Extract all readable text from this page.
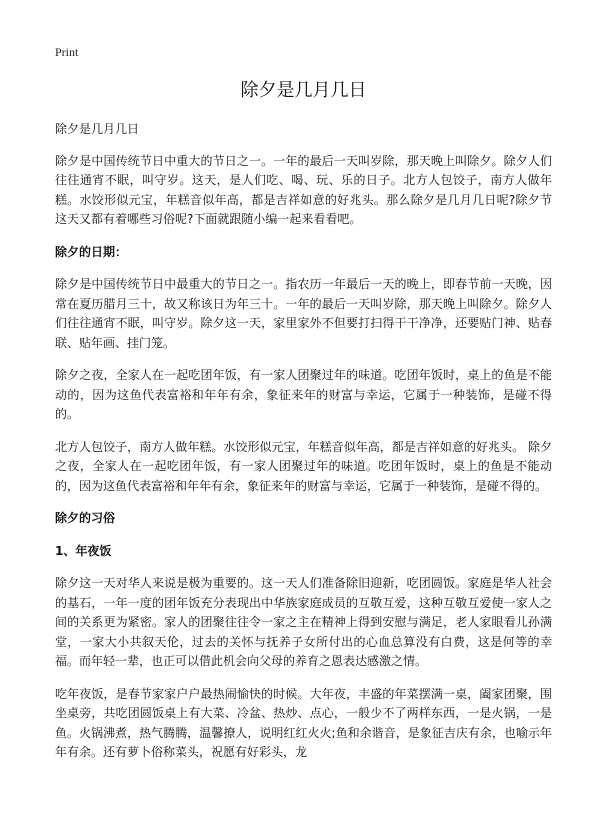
Print
除夕是几月几日

除夕是几月几日

除夕是中国传统节日中重大的节日之一。一年的最后一天叫岁除，那天晚上叫除夕。除夕人们往往通宵不眠，叫守岁。这天，是人们吃、喝、玩、乐的日子。北方人包饺子，南方人做年糕。水饺形似元宝，年糕音似年高，都是吉祥如意的好兆头。那么除夕是几月几日呢?除夕节这天又都有着哪些习俗呢?下面就跟随小编一起来看看吧。

除夕的日期：

除夕是中国传统节日中最重大的节日之一。指农历一年最后一天的晚上，即春节前一天晚，因常在夏历腊月三十，故又称该日为年三十。一年的最后一天叫岁除，那天晚上叫除夕。除夕人们往往通宵不眠，叫守岁。除夕这一天，家里家外不但要打扫得干干净净，还要贴门神、贴春联、贴年画、挂门笼。

除夕之夜，全家人在一起吃团年饭，有一家人团聚过年的味道。吃团年饭时，桌上的鱼是不能动的，因为这鱼代表富裕和年年有余，象征来年的财富与幸运，它属于一种装饰，是碰不得的。

北方人包饺子，南方人做年糕。水饺形似元宝，年糕音似年高，都是吉祥如意的好兆头。 除夕之夜，全家人在一起吃团年饭，有一家人团聚过年的味道。吃团年饭时，桌上的鱼是不能动的，因为这鱼代表富裕和年年有余，象征来年的财富与幸运，它属于一种装饰，是碰不得的。

除夕的习俗
1、年夜饭

除夕这一天对华人来说是极为重要的。这一天人们准备除旧迎新，吃团圆饭。家庭是华人社会的基石，一年一度的团年饭充分表现出中华族家庭成员的互敬互爱，这种互敬互爱使一家人之间的关系更为紧密。家人的团聚往往令一家之主在精神上得到安慰与满足，老人家眼看儿孙满堂，一家大小共叙天伦，过去的关怀与抚养子女所付出的心血总算没有白费，这是何等的幸福。而年轻一辈，也正可以借此机会向父母的养育之恩表达感激之情。

吃年夜饭，是春节家家户户最热闹愉快的时候。大年夜，丰盛的年菜摆满一桌，阖家团聚，围坐桌旁，共吃团圆饭桌上有大菜、冷盆、热炒、点心，一般少不了两样东西，一是火锅，一是鱼。火锅沸煮，热气腾腾，温馨撩人，说明红红火火;鱼和余谐音，是象征吉庆有余，也喻示年年有余。还有萝卜俗称菜头，祝愿有好彩头，龙
